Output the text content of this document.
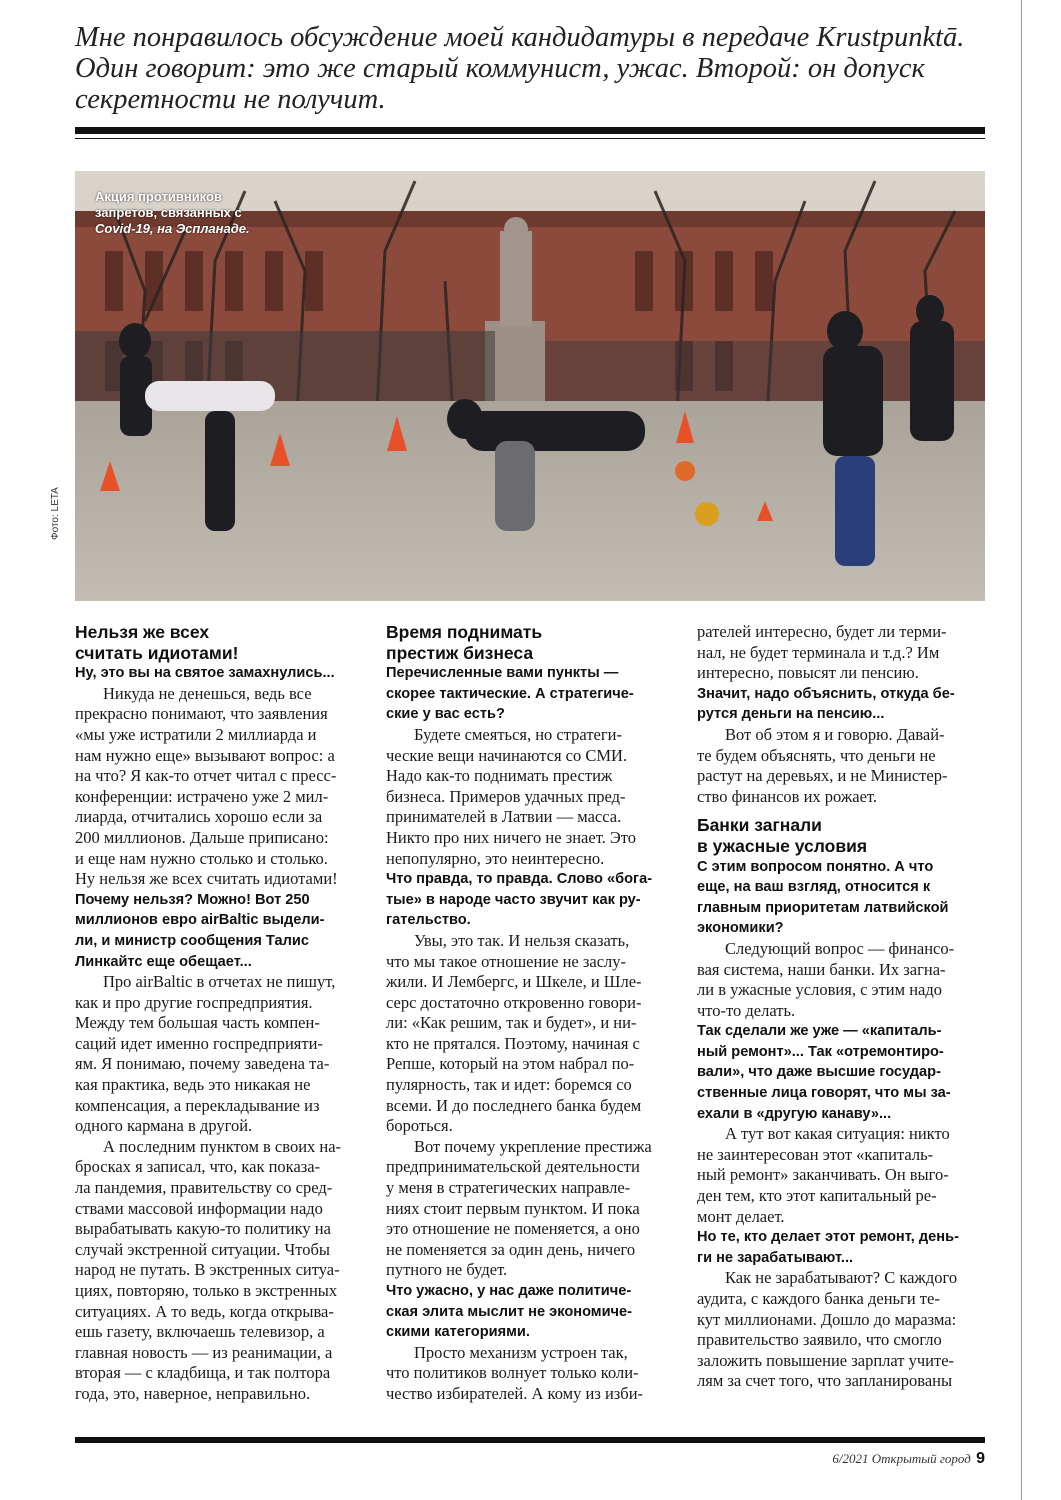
Мне понравилось обсуждение моей кандидатуры в передаче Krustpunktā.

Один говорит: это же старый коммунист, ужас. Второй: он допуск

секретности не получит.

Акция противников
запретов, связанных с
Covid-19, на Эспланаде.
Фото: LETA
Нельзя же всех
считать идиотами!
Ну, это вы на святое замахнулись...
Никуда не денешься, ведь все
прекрасно понимают, что заявления
«мы уже истратили 2 миллиарда и
нам нужно еще» вызывают вопрос: а
на что? Я как-то отчет читал с пресс-
конференции: истрачено уже 2 мил-
лиарда, отчитались хорошо если за
200 миллионов. Дальше приписано:
и еще нам нужно столько и столько.
Ну нельзя же всех считать идиотами!
Почему нельзя? Можно! Вот 250
миллионов евро airBaltic выдели-
ли, и министр сообщения Талис
Линкайтс еще обещает...
Про airBaltic в отчетах не пишут,
как и про другие госпредприятия.
Между тем большая часть компен-
саций идет именно госпредприяти-
ям. Я понимаю, почему заведена та-
кая практика, ведь это никакая не
компенсация, а перекладывание из
одного кармана в другой.
А последним пунктом в своих на-
бросках я записал, что, как показа-
ла пандемия, правительству со сред-
ствами массовой информации надо
вырабатывать какую-то политику на
случай экстренной ситуации. Чтобы
народ не путать. В экстренных ситуа-
циях, повторяю, только в экстренных
ситуациях. А то ведь, когда открыва-
ешь газету, включаешь телевизор, а
главная новость — из реанимации, а
вторая — с кладбища, и так полтора
года, это, наверное, неправильно.
Время поднимать
престиж бизнеса
Перечисленные вами пункты —
скорее тактические. А стратегиче-
ские у вас есть?
Будете смеяться, но стратеги-
ческие вещи начинаются со СМИ.
Надо как-то поднимать престиж
бизнеса. Примеров удачных пред-
принимателей в Латвии — масса.
Никто про них ничего не знает. Это
непопулярно, это неинтересно.
Что правда, то правда. Слово «бога-
тые» в народе часто звучит как ру-
гательство.
Увы, это так. И нельзя сказать,
что мы такое отношение не заслу-
жили. И Лембергс, и Шкеле, и Шле-
серс достаточно откровенно говори-
ли: «Как решим, так и будет», и ни-
кто не прятался. Поэтому, начиная с
Репше, который на этом набрал по-
пулярность, так и идет: боремся со
всеми. И до последнего банка будем
бороться.
Вот почему укрепление престижа
предпринимательской деятельности
у меня в стратегических направле-
ниях стоит первым пунктом. И пока
это отношение не поменяется, а оно
не поменяется за один день, ничего
путного не будет.
Что ужасно, у нас даже политиче-
ская элита мыслит не экономиче-
скими категориями.
Просто механизм устроен так,
что политиков волнует только коли-
чество избирателей. А кому из изби-
рателей интересно, будет ли терми-
нал, не будет терминала и т.д.? Им
интересно, повысят ли пенсию.
Значит, надо объяснить, откуда бе-
рутся деньги на пенсию...
Вот об этом я и говорю. Давай-
те будем объяснять, что деньги не
растут на деревьях, и не Министер-
ство финансов их рожает.
Банки загнали
в ужасные условия
С этим вопросом понятно. А что
еще, на ваш взгляд, относится к
главным приоритетам латвийской
экономики?
Следующий вопрос — финансо-
вая система, наши банки. Их загна-
ли в ужасные условия, с этим надо
что-то делать.
Так сделали же уже — «капиталь-
ный ремонт»... Так «отремонтиро-
вали», что даже высшие государ-
ственные лица говорят, что мы за-
ехали в «другую канаву»...
А тут вот какая ситуация: никто
не заинтересован этот «капиталь-
ный ремонт» заканчивать. Он выго-
ден тем, кто этот капитальный ре-
монт делает.
Но те, кто делает этот ремонт, день-
ги не зарабатывают...
Как не зарабатывают? С каждого
аудита, с каждого банка деньги те-
кут миллионами. Дошло до маразма:
правительство заявило, что смогло
заложить повышение зарплат учите-
лям за счет того, что запланированы
6/2021 Открытый город 9
